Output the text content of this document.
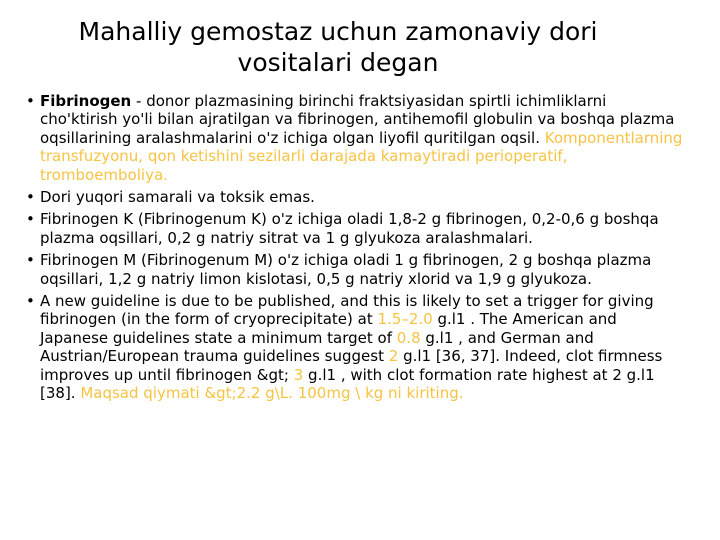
Mahalliy gemostaz uchun zamonaviy dori vositalari degan
• Fibrinogen - donor plazmasining birinchi fraktsiyasidan spirtli ichimliklarni cho'ktirish yo'li bilan ajratilgan va fibrinogen, antihemofil globulin va boshqa plazma oqsillarining aralashmalarini o'z ichiga olgan liyofil quritilgan oqsil. Komponentlarning transfuzyonu, qon ketishini sezilarli darajada kamaytiradi perioperatif, tromboemboliya.
• Dori yuqori samarali va toksik emas.
• Fibrinogen K (Fibrinogenum K) o'z ichiga oladi 1,8-2 g fibrinogen, 0,2-0,6 g boshqa plazma oqsillari, 0,2 g natriy sitrat va 1 g glyukoza aralashmalari.
• Fibrinogen M (Fibrinogenum M) o'z ichiga oladi 1 g fibrinogen, 2 g boshqa plazma oqsillari, 1,2 g natriy limon kislotasi, 0,5 g natriy xlorid va 1,9 g glyukoza.
• A new guideline is due to be published, and this is likely to set a trigger for giving fibrinogen (in the form of cryoprecipitate) at 1.5–2.0 g.l1 . The American and Japanese guidelines state a minimum target of 0.8 g.l1 , and German and Austrian/European trauma guidelines suggest 2 g.l1 [36, 37]. Indeed, clot firmness improves up until fibrinogen &gt; 3 g.l1 , with clot formation rate highest at 2 g.l1 [38]. Maqsad qiymati &gt;2.2 g\L. 100mg \ kg ni kiriting.
